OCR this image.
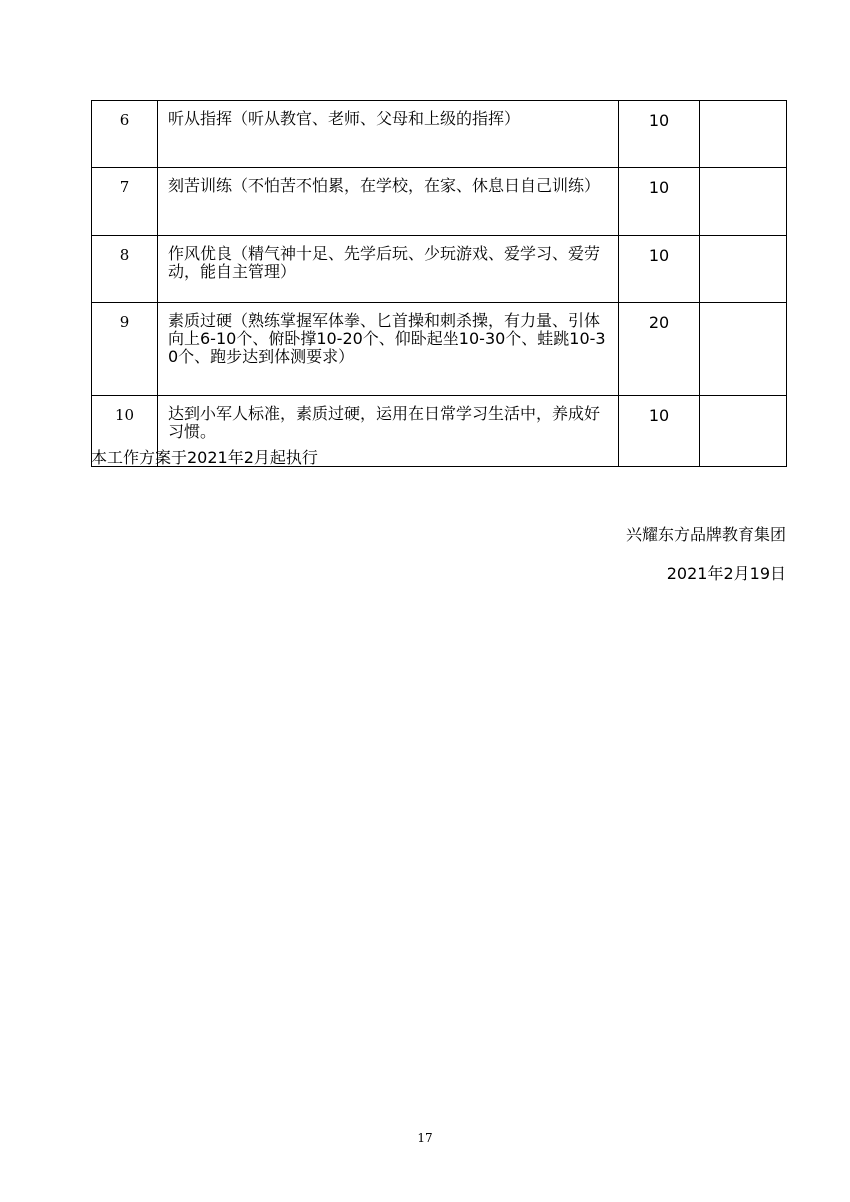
6	听从指挥（听从教官、老师、父母和上级的指挥）	10	
7	刻苦训练（不怕苦不怕累，在学校，在家、休息日自己训练）	10	
8	作风优良（精气神十足、先学后玩、少玩游戏、爱学习、爱劳动，能自主管理）	10	
9	素质过硬（熟练掌握军体拳、匕首操和刺杀操，有力量、引体向上6-10个、俯卧撑10-20个、仰卧起坐10-30个、蛙跳10-30个、跑步达到体测要求）	20	
10	达到小军人标准，素质过硬，运用在日常学习生活中，养成好习惯。	10	
本工作方案于2021年2月起执行
兴耀东方品牌教育集团
2021年2月19日
17
